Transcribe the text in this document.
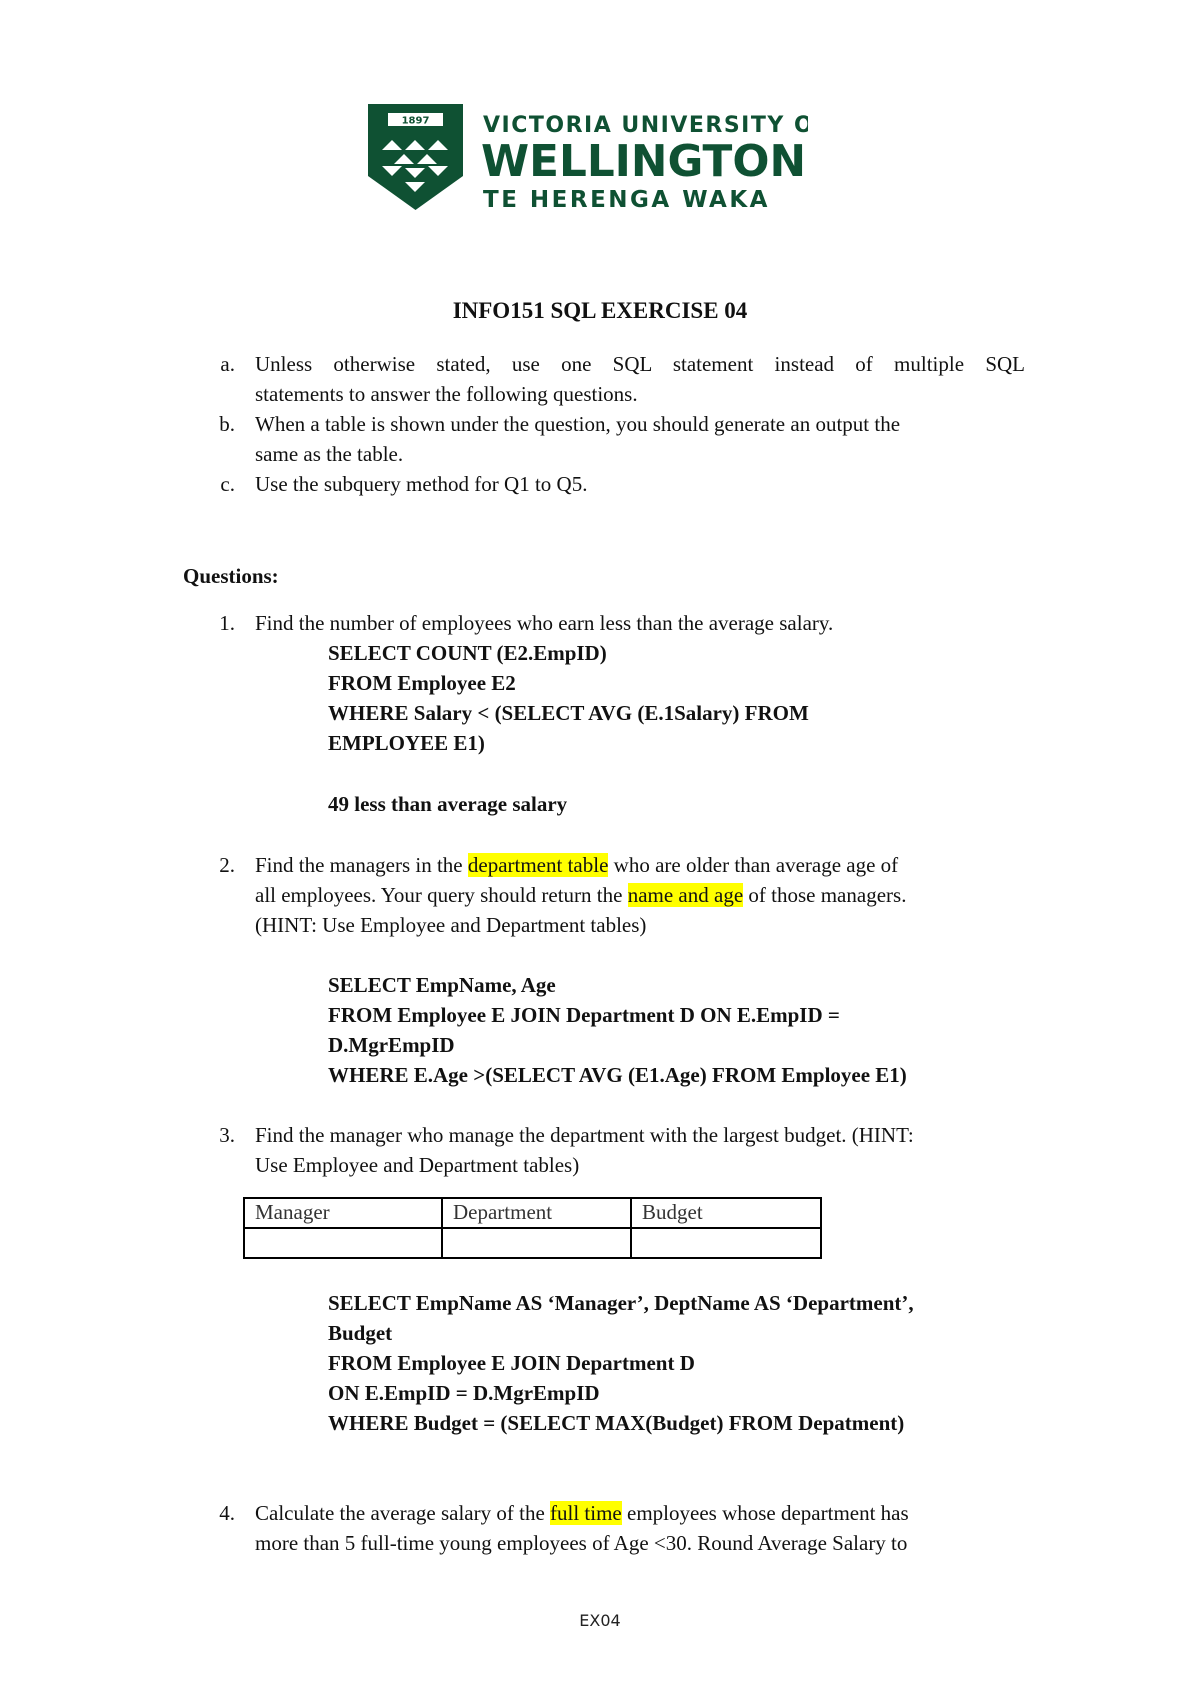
1897 VICTORIA UNIVERSITY OF
WELLINGTON
TE HERENGA WAKA
INFO151 SQL EXERCISE 04
a. Unless otherwise stated, use one SQL statement instead of multiple SQL
statements to answer the following questions.
b. When a table is shown under the question, you should generate an output the
same as the table.
c. Use the subquery method for Q1 to Q5.
Questions:
1. Find the number of employees who earn less than the average salary.
SELECT COUNT (E2.EmpID)
FROM Employee E2
WHERE Salary < (SELECT AVG (E.1Salary) FROM
EMPLOYEE E1)
49 less than average salary
2. Find the managers in the department table who are older than average age of
all employees. Your query should return the name and age of those managers.
(HINT: Use Employee and Department tables)
SELECT EmpName, Age
FROM Employee E JOIN Department D ON E.EmpID =
D.MgrEmpID
WHERE E.Age >(SELECT AVG (E1.Age) FROM Employee E1)
3. Find the manager who manage the department with the largest budget. (HINT:
Use Employee and Department tables)
Manager	Department	Budget

SELECT EmpName AS ‘Manager’, DeptName AS ‘Department’,
Budget
FROM Employee E JOIN Department D
ON E.EmpID = D.MgrEmpID
WHERE Budget = (SELECT MAX(Budget) FROM Depatment)
4. Calculate the average salary of the full time employees whose department has
more than 5 full-time young employees of Age <30. Round Average Salary to
EX04
